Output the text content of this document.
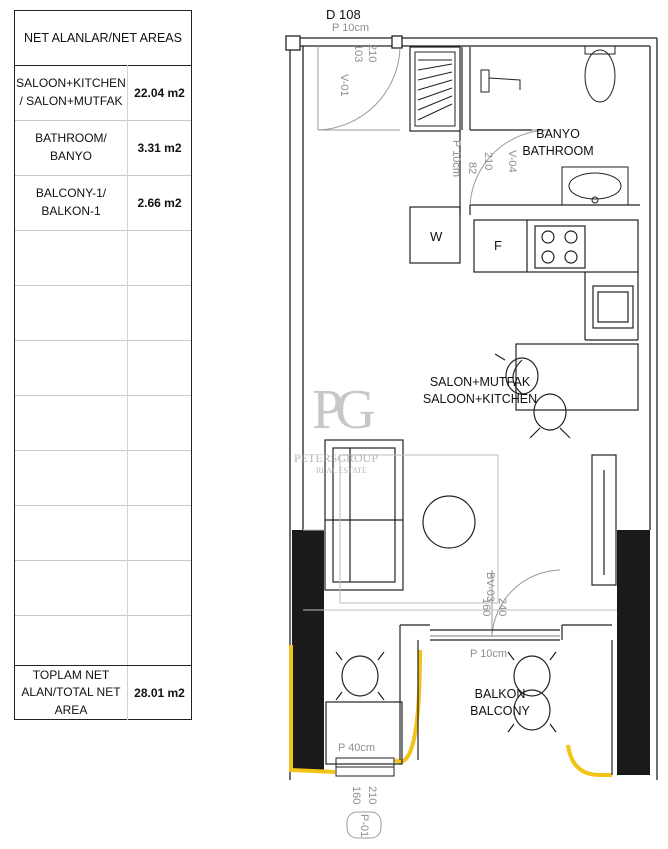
NET ALANLAR/NET AREAS
SALOON+KITCHEN
/ SALON+MUTFAK
22.04 m2
BATHROOM/
BANYO
3.31 m2
BALCONY-1/
BALKON-1
2.66 m2
TOPLAM NET
ALAN/TOTAL NET
AREA
28.01 m2
D 108
BANYO
BATHROOM
SALON+MUTFAK
SALOON+KITCHEN
BALKON
BALCONY
W
F
P 10cm
P 10cm
P 40cm
210
103
V-01
P 10cm 210
82	V-04
BV-03
160 240
160 210
P-01
PG
PETERSGROUP
REAL ESTATE
